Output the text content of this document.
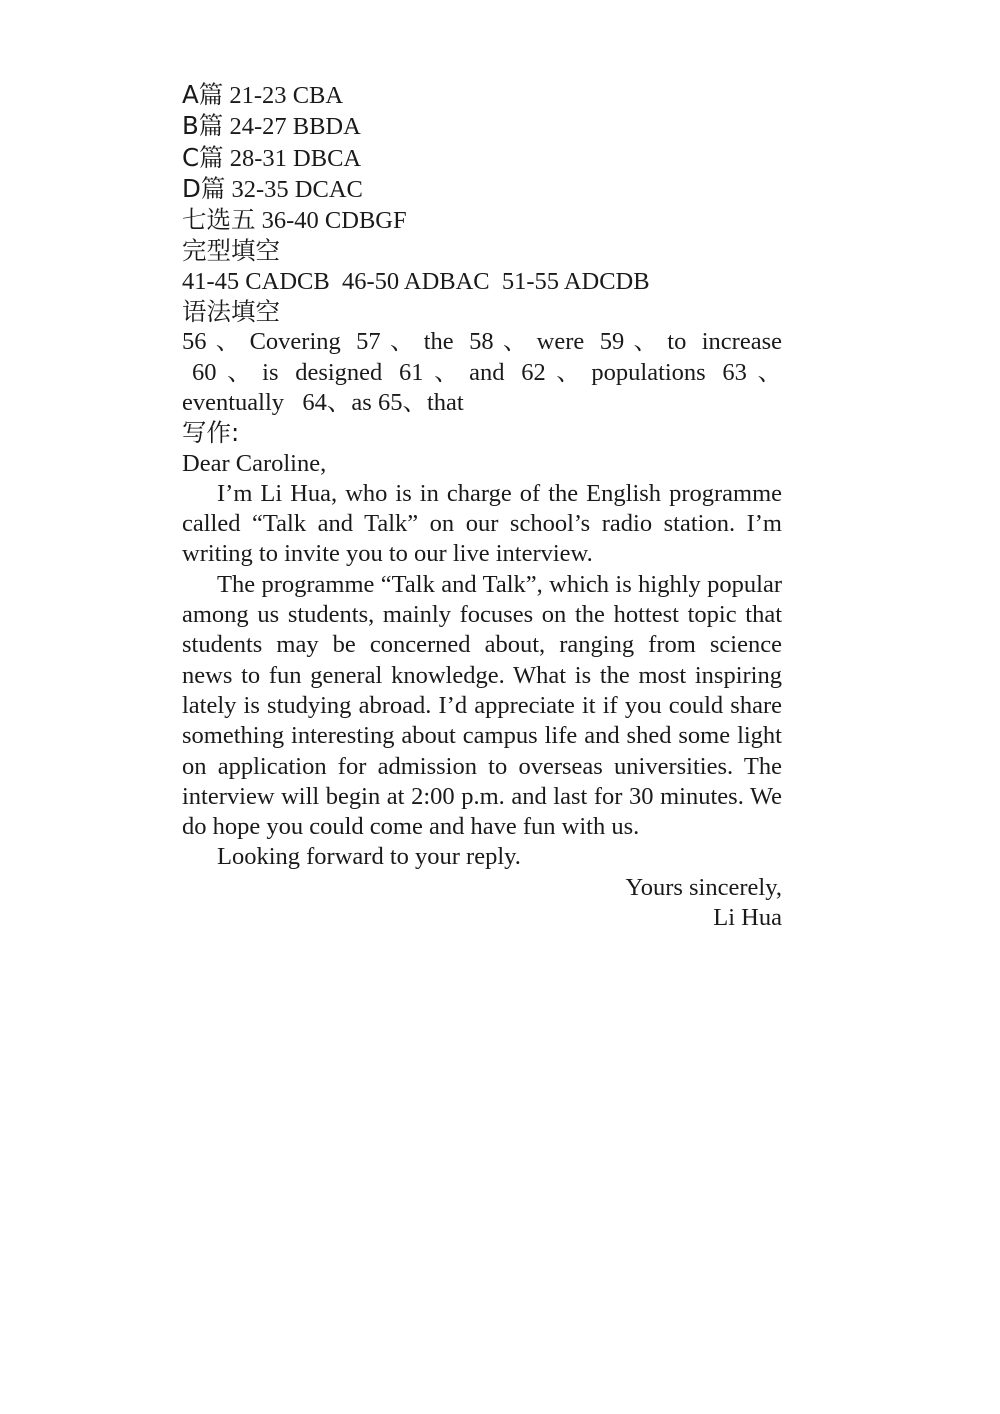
A篇 21-23 CBA
B篇 24-27 BBDA
C篇 28-31 DBCA
D篇 32-35 DCAC
七选五 36-40 CDBGF
完型填空
41-45 CADCB  46-50 ADBAC  51-55 ADCDB
语法填空
56、Covering 57、the 58、were 59、to increase
60、is designed 61、and 62、populations 63、
eventually   64、as 65、that
写作:
Dear Caroline,

I’m Li Hua, who is in charge of the English programme called “Talk and Talk” on our school’s radio station. I’m writing to invite you to our live interview.

The programme “Talk and Talk”, which is highly popular among us students, mainly focuses on the hottest topic that students may be concerned about, ranging from science news to fun general knowledge. What is the most inspiring lately is studying abroad. I’d appreciate it if you could share something interesting about campus life and shed some light on application for admission to overseas universities. The interview will begin at 2:00 p.m. and last for 30 minutes. We do hope you could come and have fun with us.

Looking forward to your reply.

Yours sincerely,
Li Hua
